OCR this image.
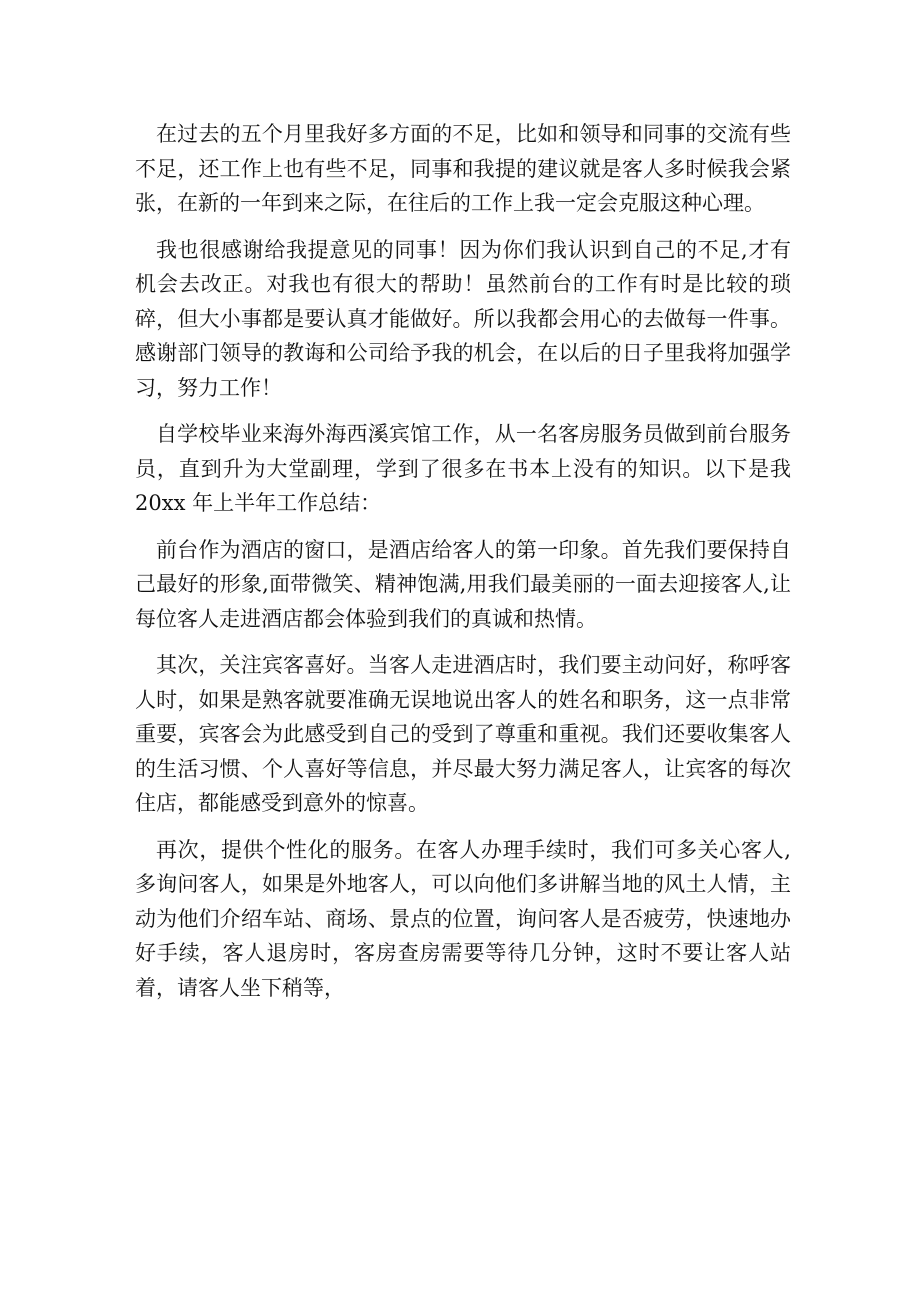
在过去的五个月里我好多方面的不足，比如和领导和同事的交流有些不足，还工作上也有些不足，同事和我提的建议就是客人多时候我会紧张，在新的一年到来之际，在往后的工作上我一定会克服这种心理。

我也很感谢给我提意见的同事！因为你们我认识到自己的不足,才有机会去改正。对我也有很大的帮助！虽然前台的工作有时是比较的琐碎，但大小事都是要认真才能做好。所以我都会用心的去做每一件事。感谢部门领导的教诲和公司给予我的机会，在以后的日子里我将加强学习，努力工作！

自学校毕业来海外海西溪宾馆工作，从一名客房服务员做到前台服务员，直到升为大堂副理，学到了很多在书本上没有的知识。以下是我 20xx 年上半年工作总结：

前台作为酒店的窗口，是酒店给客人的第一印象。首先我们要保持自己最好的形象,面带微笑、精神饱满,用我们最美丽的一面去迎接客人,让每位客人走进酒店都会体验到我们的真诚和热情。

其次，关注宾客喜好。当客人走进酒店时，我们要主动问好，称呼客人时，如果是熟客就要准确无误地说出客人的姓名和职务，这一点非常重要，宾客会为此感受到自己的受到了尊重和重视。我们还要收集客人的生活习惯、个人喜好等信息，并尽最大努力满足客人，让宾客的每次住店，都能感受到意外的惊喜。

再次，提供个性化的服务。在客人办理手续时，我们可多关心客人,多询问客人，如果是外地客人，可以向他们多讲解当地的风土人情，主动为他们介绍车站、商场、景点的位置，询问客人是否疲劳，快速地办好手续，客人退房时，客房查房需要等待几分钟，这时不要让客人站着，请客人坐下稍等，
